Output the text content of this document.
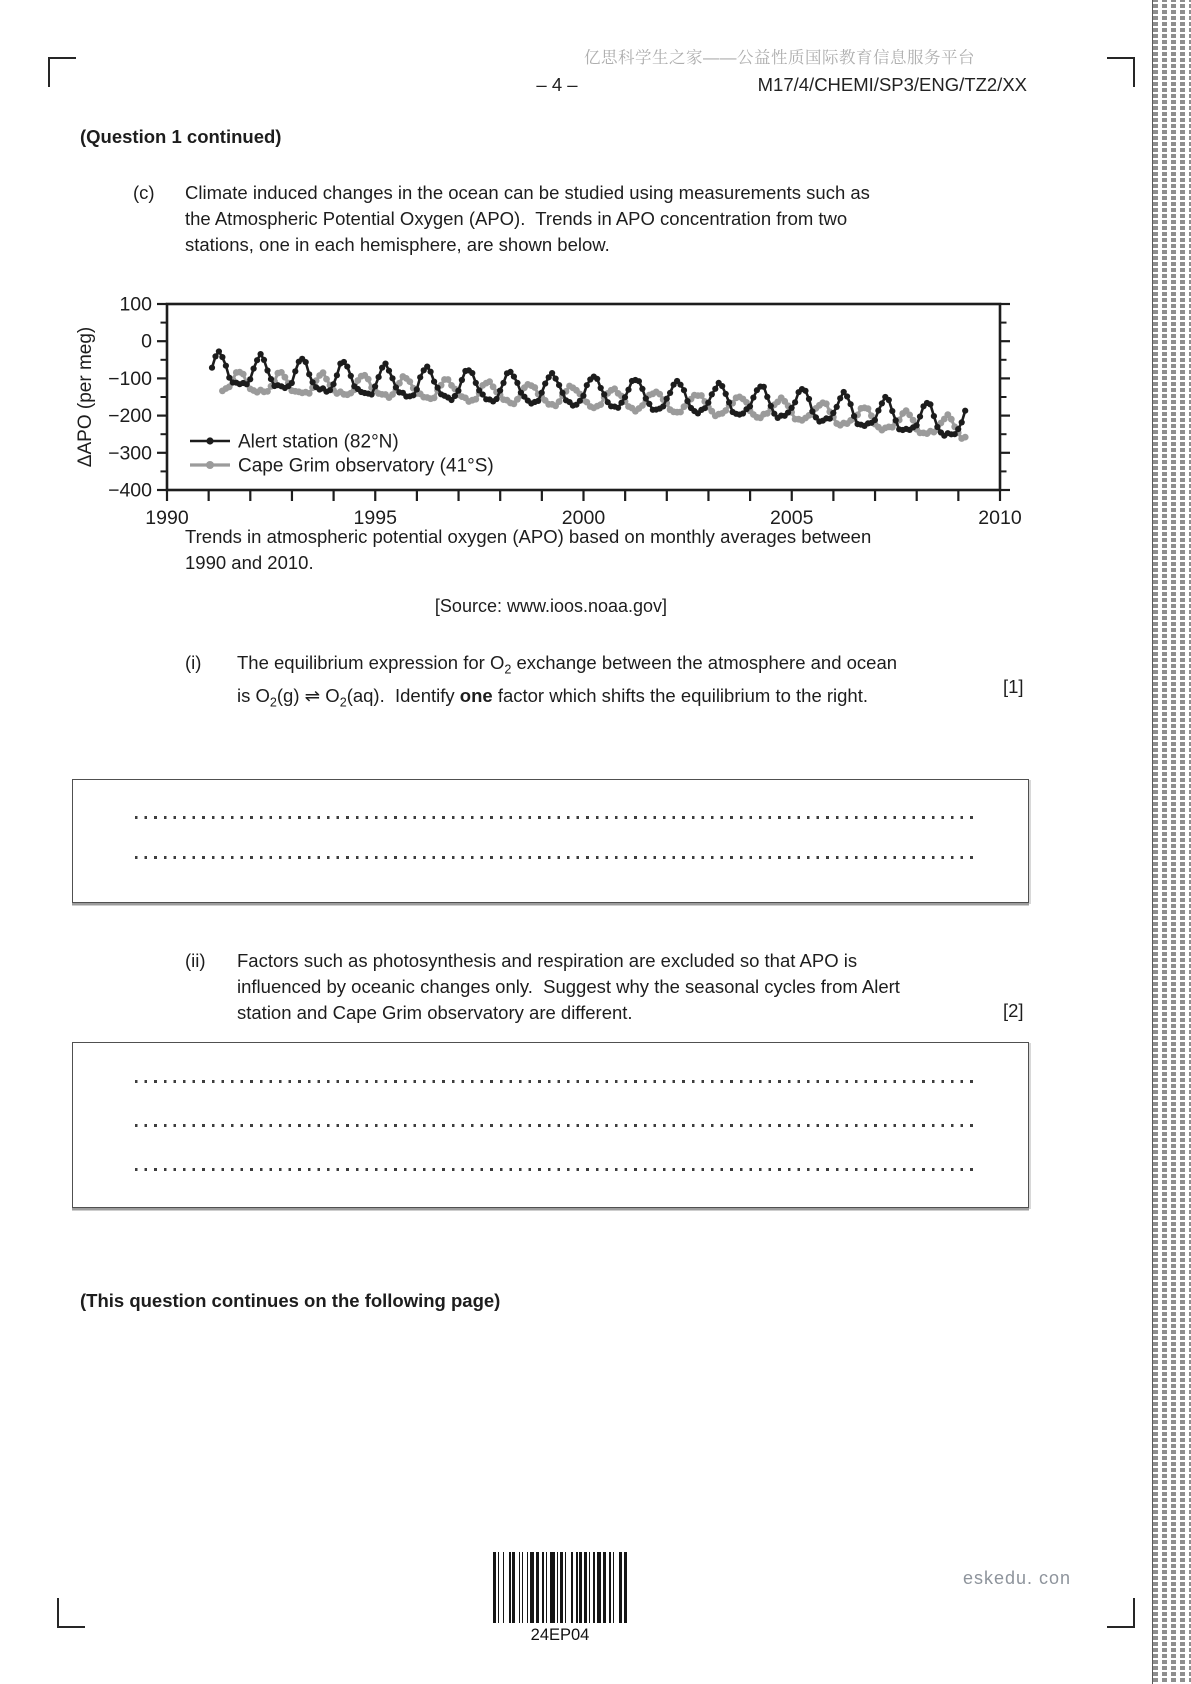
亿思科学生之家——公益性质国际教育信息服务平台
– 4 –	M17/4/CHEMI/SP3/ENG/TZ2/XX
(Question 1 continued)
(c) Climate induced changes in the ocean can be studied using measurements such as
the Atmospheric Potential Oxygen (APO).  Trends in APO concentration from two
stations, one in each hemisphere, are shown below.
100
0
−100
−200
−300
−400
1990	1995	2000	2005	2010
ΔAPO (per meg)	Alert station (82°N)
Cape Grim observatory (41°S)
Trends in atmospheric potential oxygen (APO) based on monthly averages between
1990 and 2010.
[Source: www.ioos.noaa.gov]
(i) The equilibrium expression for $O_2$ exchange between the atmosphere and ocean
is $O_2(g)$ ⇌ $O_2(aq)$.  Identify one factor which shifts the equilibrium to the right.	[1]
(ii) Factors such as photosynthesis and respiration are excluded so that APO is
influenced by oceanic changes only.  Suggest why the seasonal cycles from Alert
station and Cape Grim observatory are different.	[2]
(This question continues on the following page)
24EP04
eskedu. con
